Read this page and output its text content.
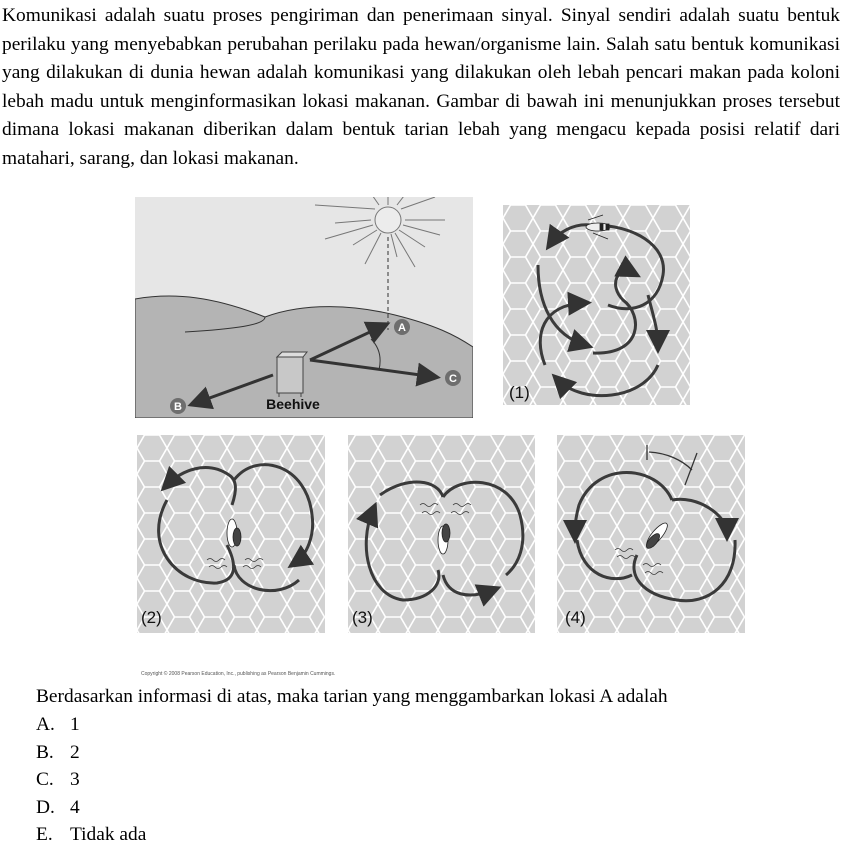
Komunikasi adalah suatu proses pengiriman dan penerimaan sinyal. Sinyal sendiri adalah suatu bentuk perilaku yang menyebabkan perubahan perilaku pada hewan/organisme lain. Salah satu bentuk komunikasi yang dilakukan di dunia hewan adalah komunikasi yang dilakukan oleh lebah pencari makan pada koloni lebah madu untuk menginformasikan lokasi makanan. Gambar di bawah ini menunjukkan proses tersebut dimana lokasi makanan diberikan dalam bentuk tarian lebah yang mengacu kepada posisi relatif dari matahari, sarang, dan lokasi makanan.
A
B
C
Beehive
(1)
(2)	(3)	(4)
Copyright © 2008 Pearson Education, Inc., publishing as Pearson Benjamin Cummings.
Berdasarkan informasi di atas, maka tarian yang menggambarkan lokasi A adalah
A. 1
B. 2
C. 3
D. 4
E. Tidak ada
